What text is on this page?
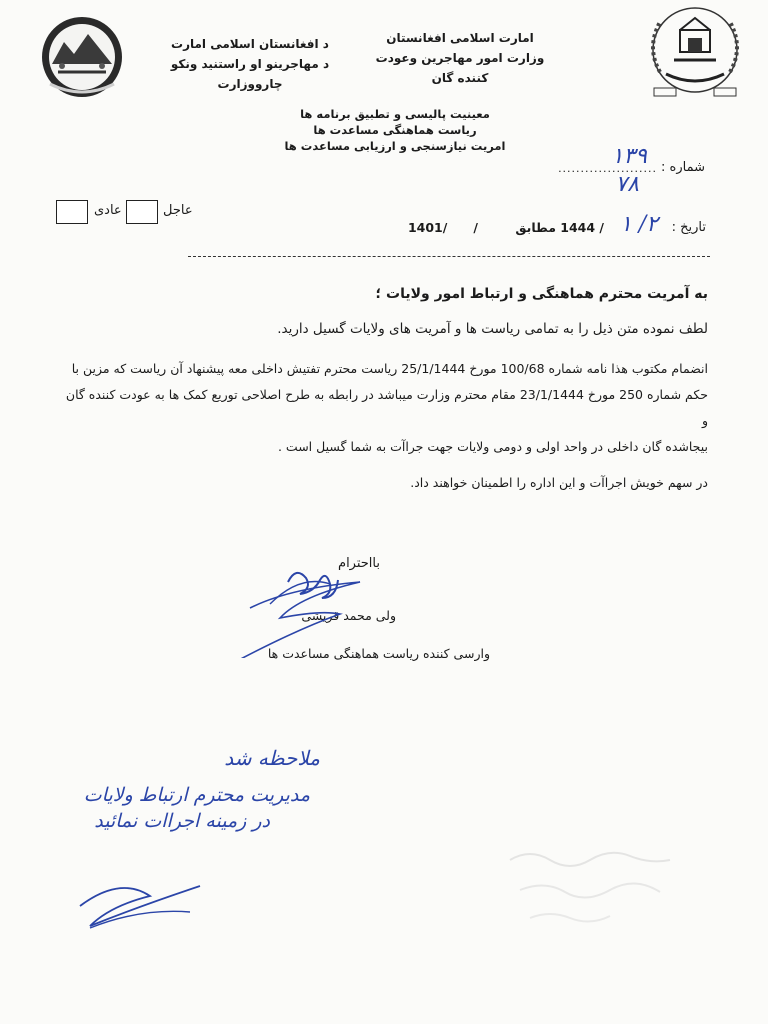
امارت اسلامی افغانستان
وزارت امور مهاجرین وعودت کننده گان
د افغانستان اسلامی امارت
د مهاجرینو او راستنید ونکو چارووزارت
معینیت پالیسی و تطبیق برنامه ها
ریاست هماهنگی مساعدت ها
امریت نیازسنجی و ارزیابی مساعدت ها
شماره :
......................
۱۳۹
۷۸
عادی	عاجل
تاریخ :
۲/ ۱
/ 1444 مطابق
1401/      /
به آمریت محترم هماهنگی و ارتباط امور ولایات ؛
لطف نموده متن ذیل را به تمامی ریاست ها و آمریت های ولایات گسیل دارید.
انضمام مکتوب هذا نامه شماره 100/68 مورخ 25/1/1444 ریاست محترم تفتیش داخلی معه پیشنهاد آن ریاست که مزین با
حکم شماره 250 مورخ 23/1/1444 مقام محترم وزارت میباشد در رابطه به طرح اصلاحی توریع کمک ها به عودت کننده گان و
بیجاشده گان داخلی در واحد اولی و دومی ولایات جهت جراآت به شما گسیل است .
در سهم خویش اجراآت و این اداره را اطمینان خواهند داد.
بااحترام
ولی محمد قریشی
وارسی کننده ریاست هماهنگی مساعدت ها
ملاحظه شد
مدیریت محترم ارتباط ولایات
در زمینه اجراات نمائید
